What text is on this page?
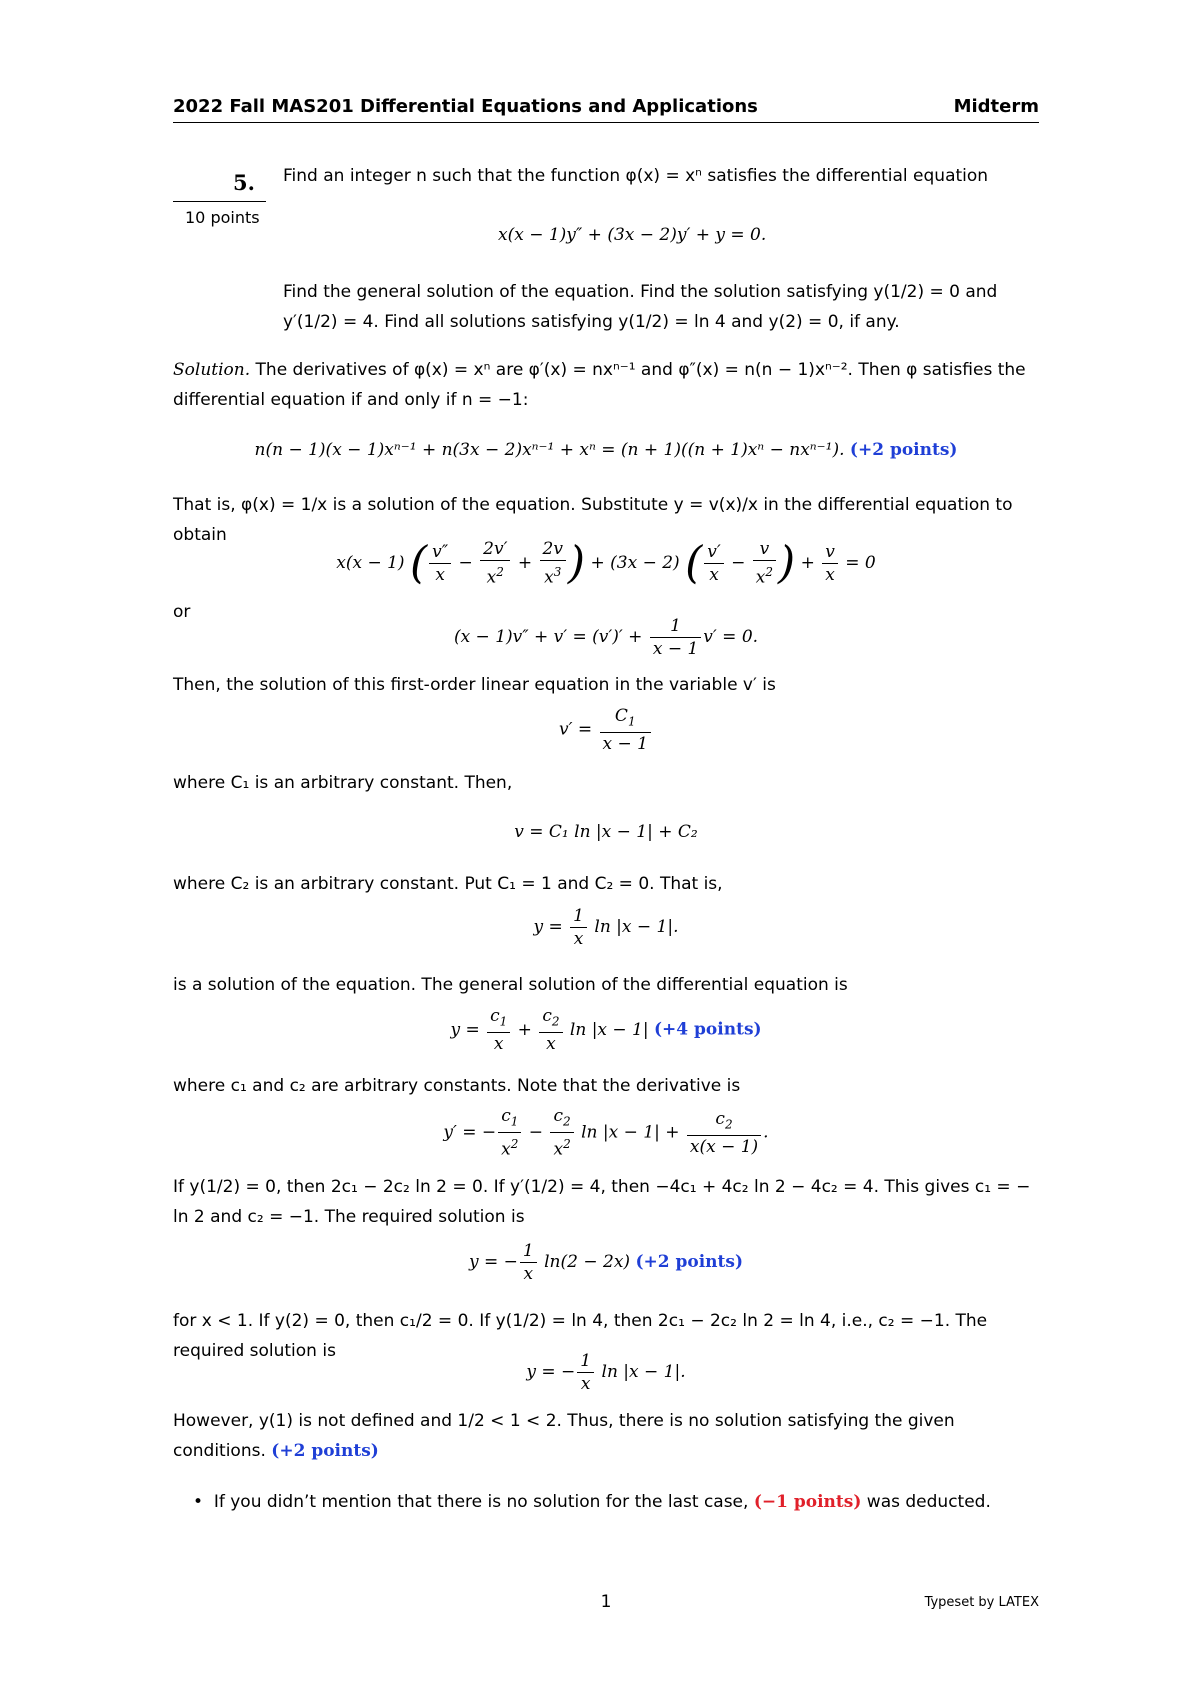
2022 Fall MAS201 Differential Equations and Applications	Midterm
5.
10 points
Find an integer n such that the function φ(x) = xⁿ satisfies the differential equation
x(x − 1)y″ + (3x − 2)y′ + y = 0.
Find the general solution of the equation. Find the solution satisfying y(1/2) = 0 and y′(1/2) = 4. Find all solutions satisfying y(1/2) = ln 4 and y(2) = 0, if any.
Solution. The derivatives of φ(x) = xⁿ are φ′(x) = nxⁿ⁻¹ and φ″(x) = n(n − 1)xⁿ⁻². Then φ satisfies the differential equation if and only if n = −1:
n(n − 1)(x − 1)xⁿ⁻¹ + n(3x − 2)xⁿ⁻¹ + xⁿ = (n + 1)((n + 1)xⁿ − nxⁿ⁻¹). (+2 points)
That is, φ(x) = 1/x is a solution of the equation. Substitute y = v(x)/x in the differential equation to obtain
x(x − 1) ( $\frac{v''}{x} - \frac{2v'}{x^2} + \frac{2v}{x^3}$ ) + (3x − 2) ( $\frac{v'}{x} - \frac{v}{x^2}$ ) + $\frac{v}{x} = 0$
or
$(x - 1)v'' + v' = (v')' + \frac{1}{x - 1} v' = 0$.
Then, the solution of this first-order linear equation in the variable v′ is
$v' = \frac{C_1}{x - 1}$
where C₁ is an arbitrary constant. Then,
v = C₁ ln |x − 1| + C₂
where C₂ is an arbitrary constant. Put C₁ = 1 and C₂ = 0. That is,
$y = \frac{1}{x}$ ln |x − 1|.
is a solution of the equation. The general solution of the differential equation is
$y = \frac{c_1}{x} + \frac{c_2}{x}$ ln |x − 1| (+4 points)
where c₁ and c₂ are arbitrary constants. Note that the derivative is
y′ = − $\frac{c_1}{x^2} - \frac{c_2}{x^2}$ $\ln |x - 1| + \frac{c_2}{x(x - 1)}$ .
If y(1/2) = 0, then 2c₁ − 2c₂ ln 2 = 0. If y′(1/2) = 4, then −4c₁ + 4c₂ ln 2 − 4c₂ = 4. This gives c₁ = − ln 2 and c₂ = −1. The required solution is
y = − $\frac{1}{x} \ln(2 - 2x)$ (+2 points)
for x < 1. If y(2) = 0, then c₁/2 = 0. If y(1/2) = ln 4, then 2c₁ − 2c₂ ln 2 = ln 4, i.e., c₂ = −1. The required solution is
y = − $\frac{1}{x}$ ln |x − 1|.
However, y(1) is not defined and 1/2 < 1 < 2. Thus, there is no solution satisfying the given conditions. (+2 points)
•  If you didn’t mention that there is no solution for the last case, (−1 points) was deducted.
1	Typeset by LATEX
